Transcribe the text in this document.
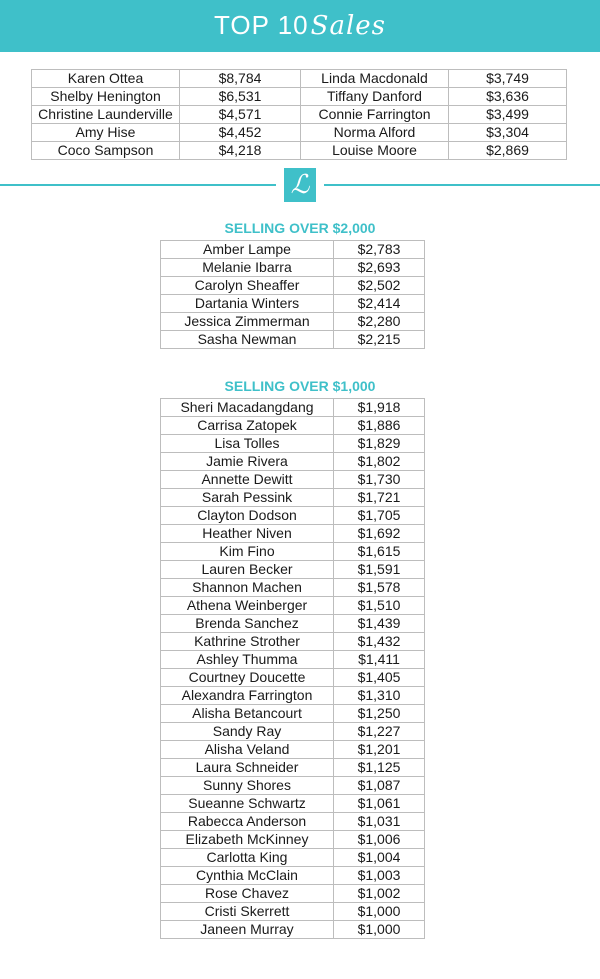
TOP 10Sales
Karen Ottea	$8,784	Linda Macdonald	$3,749
Shelby Henington	$6,531	Tiffany Danford	$3,636
Christine Launderville	$4,571	Connie Farrington	$3,499
Amy Hise	$4,452	Norma Alford	$3,304
Coco Sampson	$4,218	Louise Moore	$2,869
ℒ
SELLING OVER $2,000
Amber Lampe	$2,783
Melanie Ibarra	$2,693
Carolyn Sheaffer	$2,502
Dartania Winters	$2,414
Jessica Zimmerman	$2,280
Sasha Newman	$2,215
SELLING OVER $1,000
Sheri Macadangdang	$1,918
Carrisa Zatopek	$1,886
Lisa Tolles	$1,829
Jamie Rivera	$1,802
Annette Dewitt	$1,730
Sarah Pessink	$1,721
Clayton Dodson	$1,705
Heather Niven	$1,692
Kim Fino	$1,615
Lauren Becker	$1,591
Shannon Machen	$1,578
Athena Weinberger	$1,510
Brenda Sanchez	$1,439
Kathrine Strother	$1,432
Ashley Thumma	$1,411
Courtney Doucette	$1,405
Alexandra Farrington	$1,310
Alisha Betancourt	$1,250
Sandy Ray	$1,227
Alisha Veland	$1,201
Laura Schneider	$1,125
Sunny Shores	$1,087
Sueanne Schwartz	$1,061
Rabecca Anderson	$1,031
Elizabeth McKinney	$1,006
Carlotta King	$1,004
Cynthia McClain	$1,003
Rose Chavez	$1,002
Cristi Skerrett	$1,000
Janeen Murray	$1,000
